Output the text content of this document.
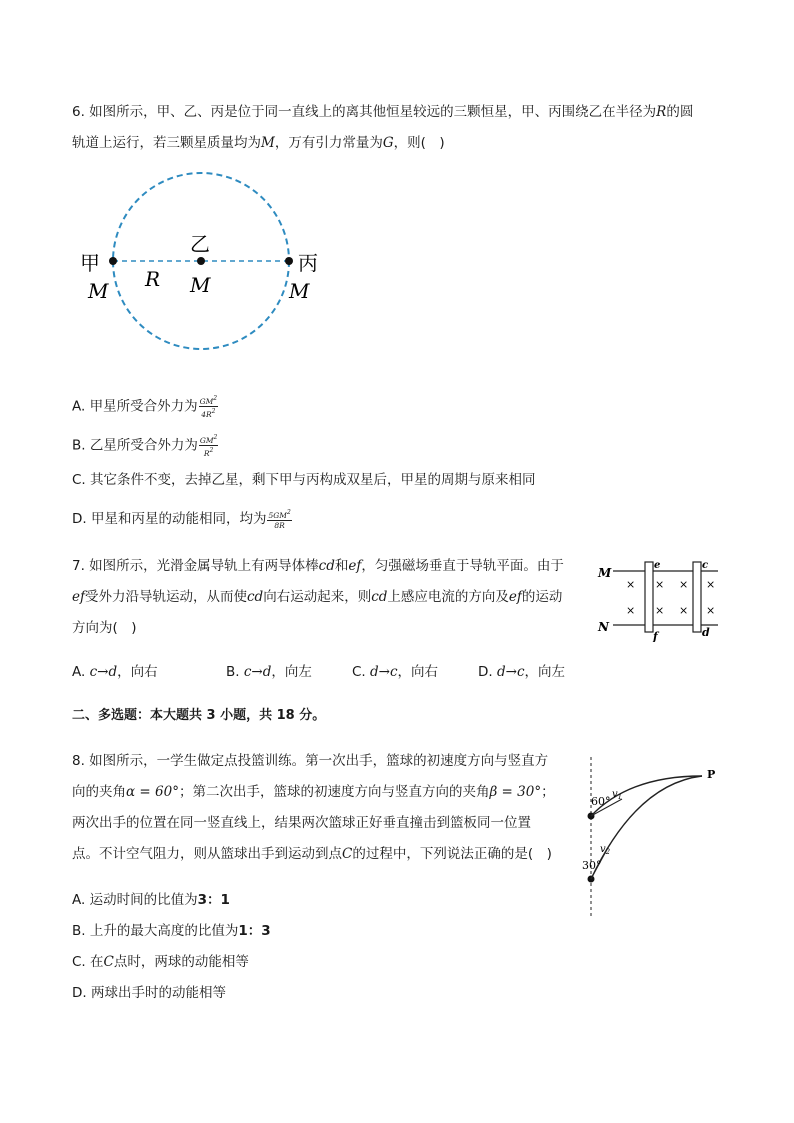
6. 如图所示，甲、乙、丙是位于同一直线上的离其他恒星较远的三颗恒星，甲、丙围绕乙在半径为R的圆
轨道上运行，若三颗星质量均为M，万有引力常量为G，则(　)
甲
乙
丙
M	M	M
R
A. 甲星所受合外力为 $\frac{GM^2}{4R^2}$
B. 乙星所受合外力为 $\frac{GM^2}{R^2}$
C. 其它条件不变，去掉乙星，剩下甲与丙构成双星后，甲星的周期与原来相同
D. 甲星和丙星的动能相同，均为 $\frac{5GM^2}{8R}$
7. 如图所示，光滑金属导轨上有两导体棒cd和ef，匀强磁场垂直于导轨平面。由于
ef受外力沿导轨运动，从而使cd向右运动起来，则cd上感应电流的方向及ef的运动
方向为(　)
M
N
e
f
c
d
×
×
×
×
×
×
×
×
A. c→d，向右	B. c→d，向左	C. d→c，向右	D. d→c，向左
二、多选题：本大题共 3 小题，共 18 分。
8. 如图所示，一学生做定点投篮训练。第一次出手，篮球的初速度方向与竖直方
向的夹角α = 60°；第二次出手，篮球的初速度方向与竖直方向的夹角β = 30°；
两次出手的位置在同一竖直线上，结果两次篮球正好垂直撞击到篮板同一位置
点。不计空气阻力，则从篮球出手到运动到点C的过程中，下列说法正确的是(　)
P
60°
30°
$v_1$
$v_2$
A. 运动时间的比值为3：1
B. 上升的最大高度的比值为1：3
C. 在C点时，两球的动能相等
D. 两球出手时的动能相等
